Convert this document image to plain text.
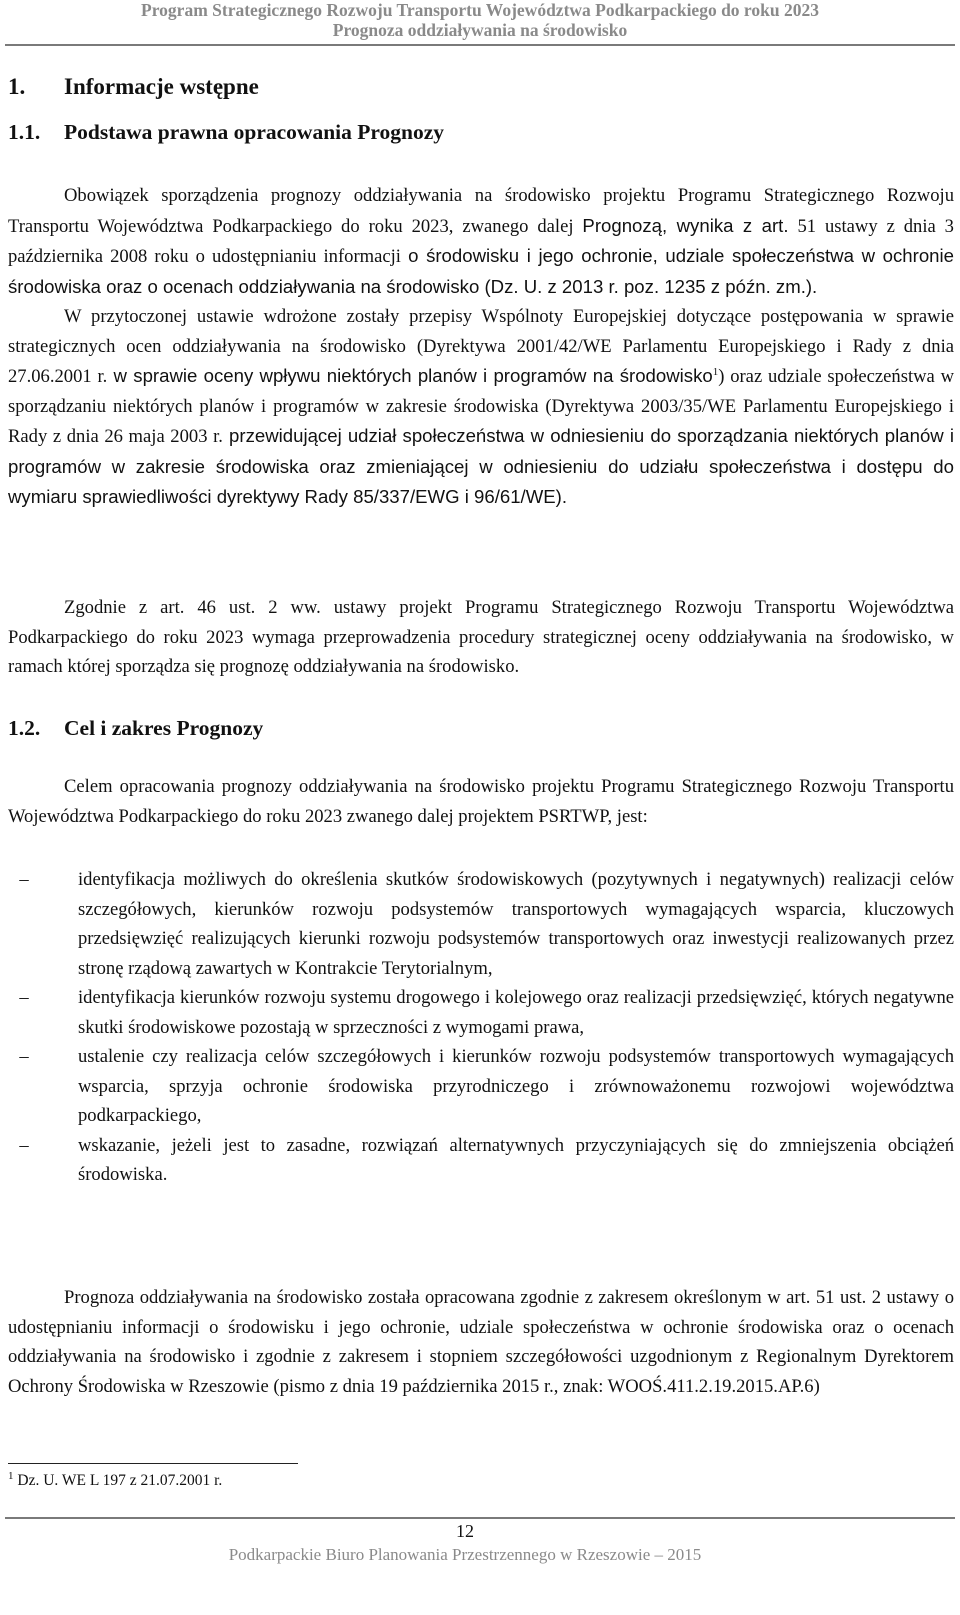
Program Strategicznego Rozwoju Transportu Województwa Podkarpackiego do roku 2023
Prognoza oddziaływania na środowisko
1. Informacje wstępne
1.1. Podstawa prawna opracowania Prognozy
Obowiązek sporządzenia prognozy oddziaływania na środowisko projektu Programu Strategicznego Rozwoju Transportu Województwa Podkarpackiego do roku 2023, zwanego dalej Prognozą, wynika z art. 51 ustawy z dnia 3 października 2008 roku o udostępnianiu informacji o środowisku i jego ochronie, udziale społeczeństwa w ochronie środowiska oraz o ocenach oddziaływania na środowisko (Dz. U. z 2013 r. poz. 1235 z późn. zm.).
W przytoczonej ustawie wdrożone zostały przepisy Wspólnoty Europejskiej dotyczące postępowania w sprawie strategicznych ocen oddziaływania na środowisko (Dyrektywa 2001/42/WE Parlamentu Europejskiego i Rady z dnia 27.06.2001 r. w sprawie oceny wpływu niektórych planów i programów na środowisko$^1$) oraz udziale społeczeństwa w sporządzaniu niektórych planów i programów w zakresie środowiska (Dyrektywa 2003/35/WE Parlamentu Europejskiego i Rady z dnia 26 maja 2003 r. przewidującej udział społeczeństwa w odniesieniu do sporządzania niektórych planów i programów w zakresie środowiska oraz zmieniającej w odniesieniu do udziału społeczeństwa i dostępu do wymiaru sprawiedliwości dyrektywy Rady 85/337/EWG i 96/61/WE).
Zgodnie z art. 46 ust. 2 ww. ustawy projekt Programu Strategicznego Rozwoju Transportu Województwa Podkarpackiego do roku 2023 wymaga przeprowadzenia procedury strategicznej oceny oddziaływania na środowisko, w ramach której sporządza się prognozę oddziaływania na środowisko.
1.2. Cel i zakres Prognozy
Celem opracowania prognozy oddziaływania na środowisko projektu Programu Strategicznego Rozwoju Transportu Województwa Podkarpackiego do roku 2023 zwanego dalej projektem PSRTWP, jest:
–	identyfikacja możliwych do określenia skutków środowiskowych (pozytywnych i negatywnych) realizacji celów szczegółowych, kierunków rozwoju podsystemów transportowych wymagających wsparcia, kluczowych przedsięwzięć realizujących kierunki rozwoju podsystemów transportowych oraz inwestycji realizowanych przez stronę rządową zawartych w Kontrakcie Terytorialnym,
–	identyfikacja kierunków rozwoju systemu drogowego i kolejowego oraz realizacji przedsięwzięć, których negatywne skutki środowiskowe pozostają w sprzeczności z wymogami prawa,
–	ustalenie czy realizacja celów szczegółowych i kierunków rozwoju podsystemów transportowych wymagających wsparcia, sprzyja ochronie środowiska przyrodniczego i zrównoważonemu rozwojowi województwa podkarpackiego,
–	wskazanie, jeżeli jest to zasadne, rozwiązań alternatywnych przyczyniających się do zmniejszenia obciążeń środowiska.
Prognoza oddziaływania na środowisko została opracowana zgodnie z zakresem określonym w art. 51 ust. 2 ustawy o udostępnianiu informacji o środowisku i jego ochronie, udziale społeczeństwa w ochronie środowiska oraz o ocenach oddziaływania na środowisko i zgodnie z zakresem i stopniem szczegółowości uzgodnionym z Regionalnym Dyrektorem Ochrony Środowiska w Rzeszowie (pismo z dnia 19 października 2015 r., znak: WOOŚ.411.2.19.2015.AP.6)
$^1$ Dz. U. WE L 197 z 21.07.2001 r.
12
Podkarpackie Biuro Planowania Przestrzennego w Rzeszowie – 2015
